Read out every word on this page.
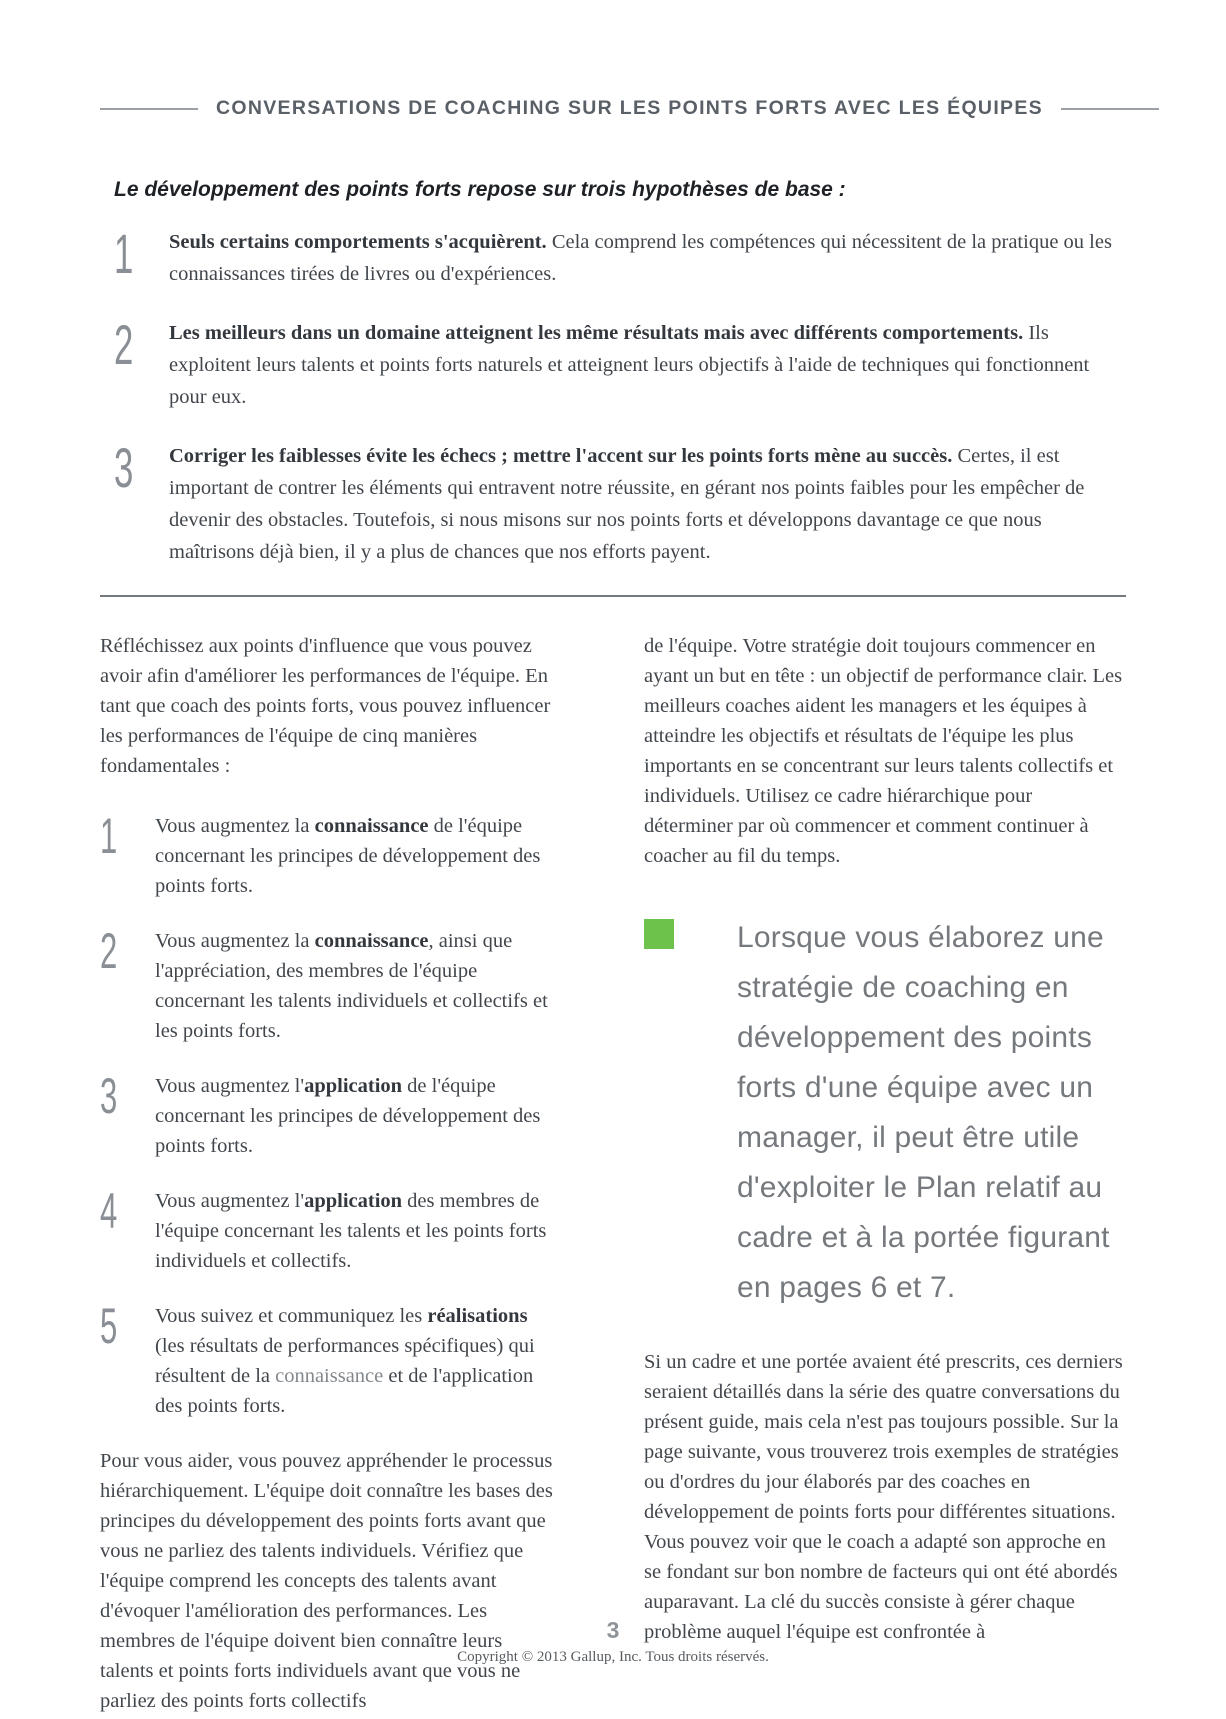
CONVERSATIONS DE COACHING SUR LES POINTS FORTS AVEC LES ÉQUIPES
Le développement des points forts repose sur trois hypothèses de base :
1 Seuls certains comportements s'acquièrent. Cela comprend les compétences qui nécessitent de la pratique ou les connaissances tirées de livres ou d'expériences.
2 Les meilleurs dans un domaine atteignent les même résultats mais avec différents comportements. Ils exploitent leurs talents et points forts naturels et atteignent leurs objectifs à l'aide de techniques qui fonctionnent pour eux.
3 Corriger les faiblesses évite les échecs ; mettre l'accent sur les points forts mène au succès. Certes, il est important de contrer les éléments qui entravent notre réussite, en gérant nos points faibles pour les empêcher de devenir des obstacles. Toutefois, si nous misons sur nos points forts et développons davantage ce que nous maîtrisons déjà bien, il y a plus de chances que nos efforts payent.

Réfléchissez aux points d'influence que vous pouvez avoir afin d'améliorer les performances de l'équipe. En tant que coach des points forts, vous pouvez influencer les performances de l'équipe de cinq manières fondamentales :

1 Vous augmentez la connaissance de l'équipe concernant les principes de développement des points forts.
2 Vous augmentez la connaissance, ainsi que l'appréciation, des membres de l'équipe concernant les talents individuels et collectifs et les points forts.
3 Vous augmentez l'application de l'équipe concernant les principes de développement des points forts.
4 Vous augmentez l'application des membres de l'équipe concernant les talents et les points forts individuels et collectifs.
5 Vous suivez et communiquez les réalisations (les résultats de performances spécifiques) qui résultent de la connaissance et de l'application des points forts.

Pour vous aider, vous pouvez appréhender le processus hiérarchiquement. L'équipe doit connaître les bases des principes du développement des points forts avant que vous ne parliez des talents individuels. Vérifiez que l'équipe comprend les concepts des talents avant d'évoquer l'amélioration des performances. Les membres de l'équipe doivent bien connaître leurs talents et points forts individuels avant que vous ne parliez des points forts collectifs

de l'équipe. Votre stratégie doit toujours commencer en ayant un but en tête : un objectif de performance clair. Les meilleurs coaches aident les managers et les équipes à atteindre les objectifs et résultats de l'équipe les plus importants en se concentrant sur leurs talents collectifs et individuels. Utilisez ce cadre hiérarchique pour déterminer par où commencer et comment continuer à coacher au fil du temps.

Lorsque vous élaborez une stratégie de coaching en développement des points forts d'une équipe avec un manager, il peut être utile d'exploiter le Plan relatif au cadre et à la portée figurant en pages 6 et 7.

Si un cadre et une portée avaient été prescrits, ces derniers seraient détaillés dans la série des quatre conversations du présent guide, mais cela n'est pas toujours possible. Sur la page suivante, vous trouverez trois exemples de stratégies ou d'ordres du jour élaborés par des coaches en développement de points forts pour différentes situations. Vous pouvez voir que le coach a adapté son approche en se fondant sur bon nombre de facteurs qui ont été abordés auparavant. La clé du succès consiste à gérer chaque problème auquel l'équipe est confrontée à

3
Copyright © 2013 Gallup, Inc. Tous droits réservés.
